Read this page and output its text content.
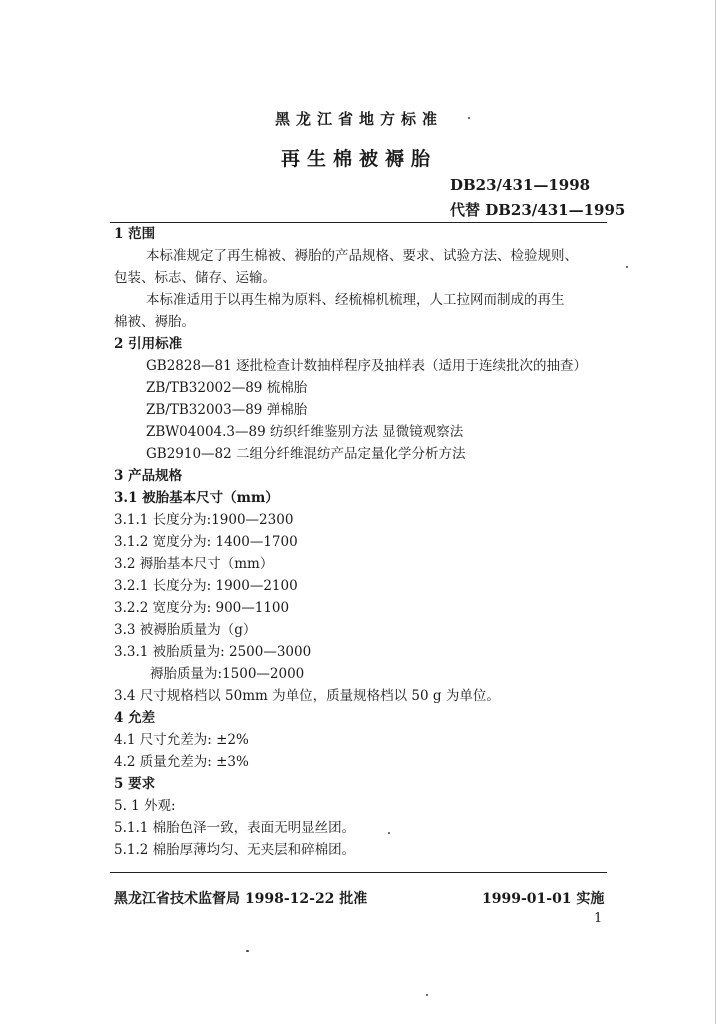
黑龙江省地方标准
再生棉被褥胎
DB23/431—1998
代替 DB23/431—1995
1 范围
本标准规定了再生棉被、褥胎的产品规格、要求、试验方法、检验规则、
包装、标志、储存、运输。
本标准适用于以再生棉为原料、经梳棉机梳理，人工拉网而制成的再生
棉被、褥胎。
2 引用标准
GB2828—81 逐批检查计数抽样程序及抽样表（适用于连续批次的抽查）
ZB/TB32002—89 梳棉胎
ZB/TB32003—89 弹棉胎
ZBW04004.3—89 纺织纤维鉴别方法 显微镜观察法
GB2910—82 二组分纤维混纺产品定量化学分析方法
3 产品规格
3.1 被胎基本尺寸（mm）
3.1.1 长度分为:1900—2300
3.1.2 宽度分为: 1400—1700
3.2 褥胎基本尺寸（mm）
3.2.1 长度分为: 1900—2100
3.2.2 宽度分为: 900—1100
3.3 被褥胎质量为（g）
3.3.1 被胎质量为: 2500—3000
褥胎质量为:1500—2000
3.4 尺寸规格档以 50mm 为单位，质量规格档以 50 g 为单位。
4 允差
4.1 尺寸允差为: ±2%
4.2 质量允差为: ±3%
5 要求
5. 1 外观:
5.1.1 棉胎色泽一致，表面无明显丝团。
5.1.2 棉胎厚薄均匀、无夹层和碎棉团。
黑龙江省技术监督局 1998-12-22 批准	1999-01-01 实施
1
